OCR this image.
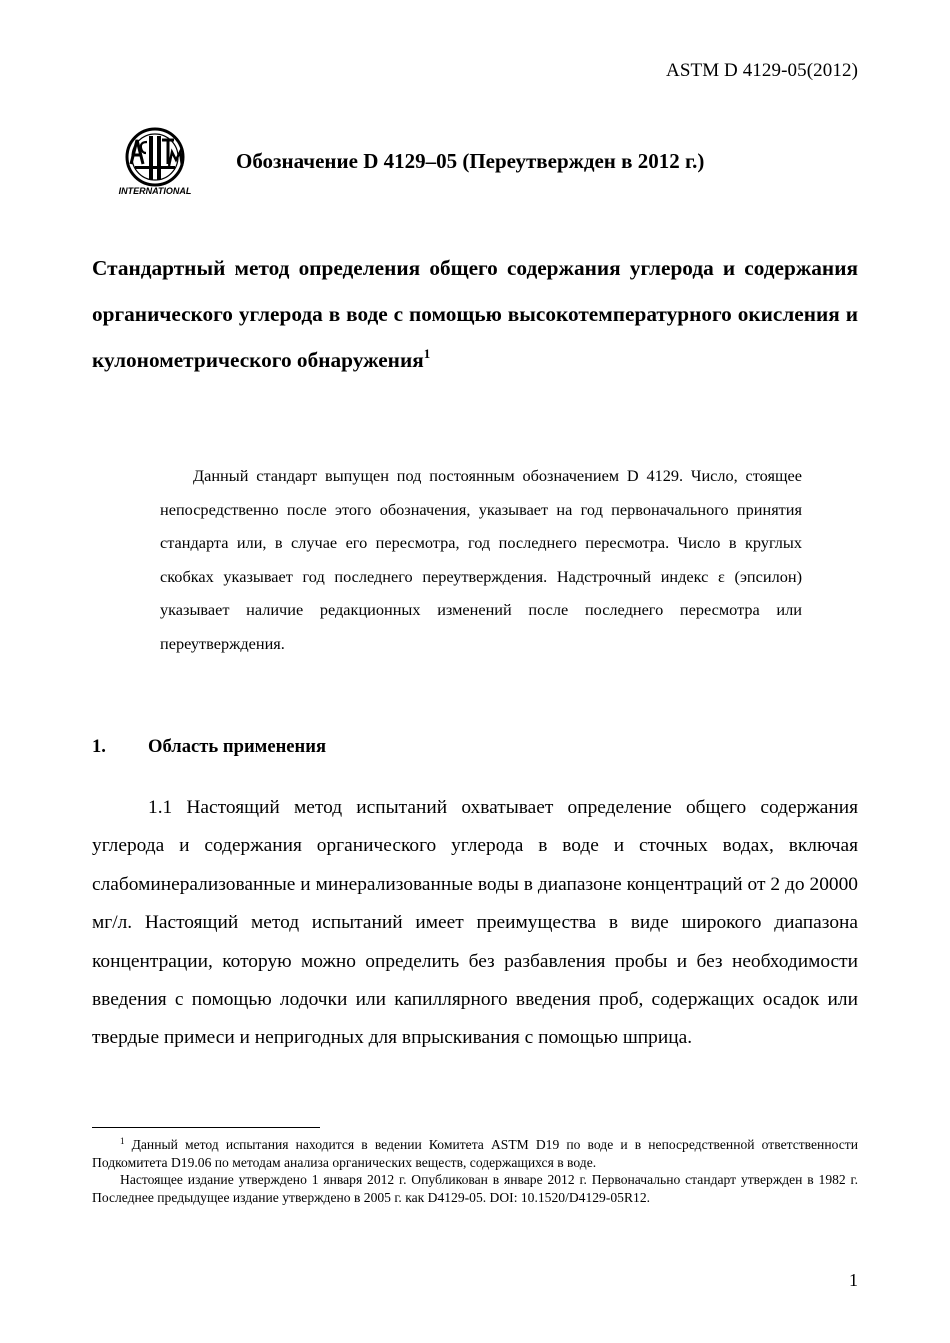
ASTM D 4129-05(2012)
INTERNATIONAL
Обозначение D 4129–05 (Переутвержден в 2012 г.)

Стандартный метод определения общего содержания углерода и содержания органического углерода в воде с помощью высокотемпературного окисления и кулонометрического обнаружения$^1$

Данный стандарт выпущен под постоянным обозначением D 4129. Число, стоящее непосредственно после этого обозначения, указывает на год первоначального принятия стандарта или, в случае его пересмотра, год последнего пересмотра. Число в круглых скобках указывает год последнего переутверждения. Надстрочный индекс ε (эпсилон) указывает наличие редакционных изменений после последнего пересмотра или переутверждения.

1. Область применения

1.1 Настоящий метод испытаний охватывает определение общего содержания углерода и содержания органического углерода в воде и сточных водах, включая слабоминерализованные и минерализованные воды в диапазоне концентраций от 2 до 20000 мг/л. Настоящий метод испытаний имеет преимущества в виде широкого диапазона концентрации, которую можно определить без разбавления пробы и без необходимости введения с помощью лодочки или капиллярного введения проб, содержащих осадок или твердые примеси и непригодных для впрыскивания с помощью шприца.

$^1$ Данный метод испытания находится в ведении Комитета ASTM D19 по воде и в непосредственной ответственности Подкомитета D19.06 по методам анализа органических веществ, содержащихся в воде.

Настоящее издание утверждено 1 января 2012 г. Опубликован в январе 2012 г. Первоначально стандарт утвержден в 1982 г. Последнее предыдущее издание утверждено в 2005 г. как D4129-05. DOI: 10.1520/D4129-05R12.

1
